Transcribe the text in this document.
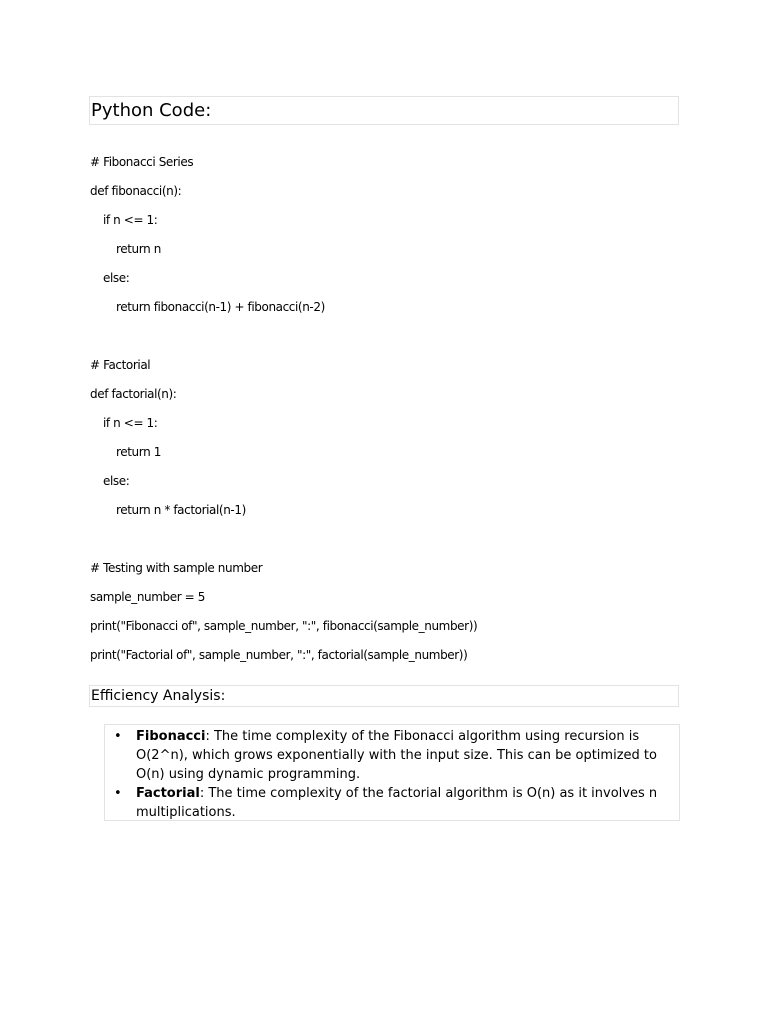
Python Code:
# Fibonacci Series
def fibonacci(n):
if n <= 1:
return n
else:
return fibonacci(n-1) + fibonacci(n-2)
# Factorial
def factorial(n):
if n <= 1:
return 1
else:
return n * factorial(n-1)
# Testing with sample number
sample_number = 5
print("Fibonacci of", sample_number, ":", fibonacci(sample_number))
print("Factorial of", sample_number, ":", factorial(sample_number))
Efficiency Analysis:
• Fibonacci: The time complexity of the Fibonacci algorithm using recursion is O(2^n), which grows exponentially with the input size. This can be optimized to O(n) using dynamic programming.
• Factorial: The time complexity of the factorial algorithm is O(n) as it involves n multiplications.
